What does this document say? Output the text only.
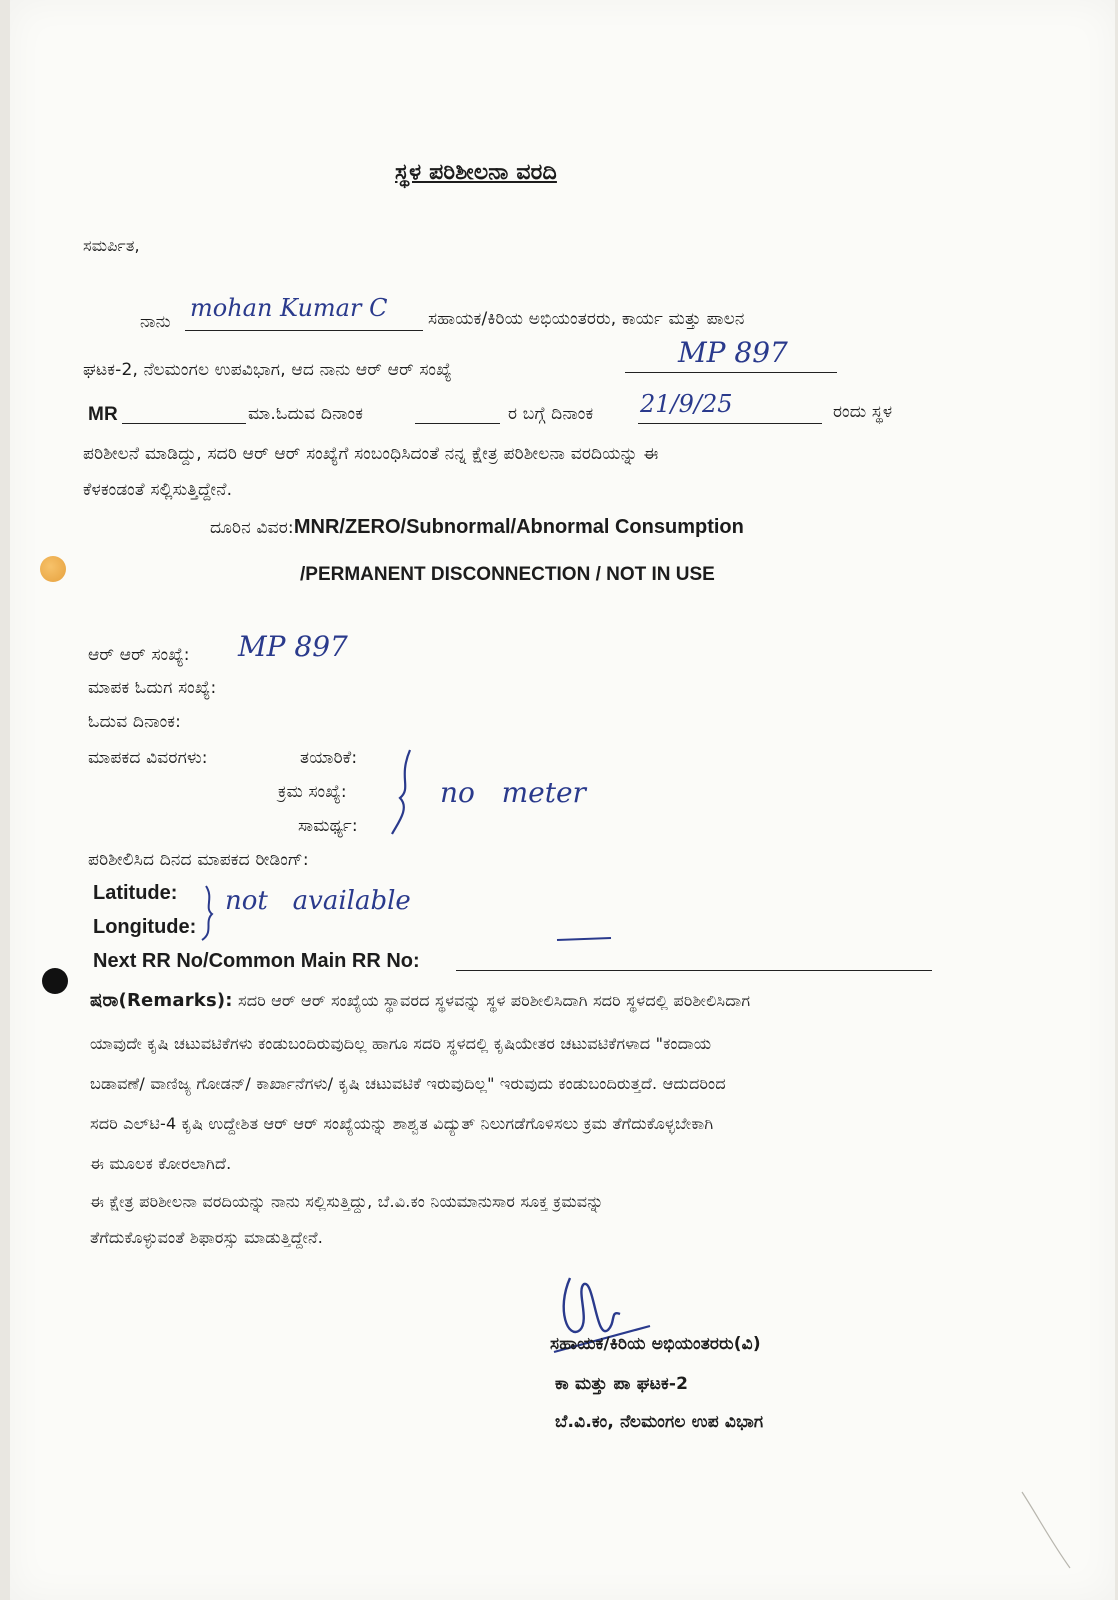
ಸ್ಥಳ ಪರಿಶೀಲನಾ ವರದಿ
ಸಮರ್ಪಿತ,
ನಾನು mohan Kumar C ಸಹಾಯಕ/ಕಿರಿಯ ಅಭಿಯಂತರರು, ಕಾರ್ಯ ಮತ್ತು ಪಾಲನ
ಘಟಕ-2, ನೆಲಮಂಗಲ ಉಪವಿಭಾಗ, ಆದ ನಾನು ಆರ್ ಆರ್ ಸಂಖ್ಯೆ
MP 897
MR	ಮಾ.ಓದುವ ದಿನಾಂಕ	ರ ಬಗ್ಗೆ ದಿನಾಂಕ 21/9/25	ರಂದು ಸ್ಥಳ
ಪರಿಶೀಲನೆ ಮಾಡಿದ್ದು, ಸದರಿ ಆರ್ ಆರ್ ಸಂಖ್ಯೆಗೆ ಸಂಬಂಧಿಸಿದಂತೆ ನನ್ನ ಕ್ಷೇತ್ರ ಪರಿಶೀಲನಾ ವರದಿಯನ್ನು ಈ
ಕೆಳಕಂಡಂತೆ ಸಲ್ಲಿಸುತ್ತಿದ್ದೇನೆ.
ದೂರಿನ ವಿವರ:MNR/ZERO/Subnormal/Abnormal Consumption
/PERMANENT DISCONNECTION / NOT IN USE
ಆರ್ ಆರ್ ಸಂಖ್ಯೆ: MP 897
ಮಾಪಕ ಓದುಗ ಸಂಖ್ಯೆ:
ಓದುವ ದಿನಾಂಕ:
ಮಾಪಕದ ವಿವರಗಳು:	ತಯಾರಿಕೆ:
ಕ್ರಮ ಸಂಖ್ಯೆ:
ಸಾಮರ್ಥ್ಯ:
no   meter
ಪರಿಶೀಲಿಸಿದ ದಿನದ ಮಾಪಕದ ರೀಡಿಂಗ್:
Latitude:
Longitude:
not   available
Next RR No/Common Main RR No:
ಷರಾ(Remarks): ಸದರಿ ಆರ್ ಆರ್ ಸಂಖ್ಯೆಯ ಸ್ಥಾವರದ ಸ್ಥಳವನ್ನು ಸ್ಥಳ ಪರಿಶೀಲಿಸಿದಾಗಿ ಸದರಿ ಸ್ಥಳದಲ್ಲಿ ಪರಿಶೀಲಿಸಿದಾಗ
ಯಾವುದೇ ಕೃಷಿ ಚಟುವಟಿಕೆಗಳು ಕಂಡುಬಂದಿರುವುದಿಲ್ಲ ಹಾಗೂ ಸದರಿ ಸ್ಥಳದಲ್ಲಿ ಕೃಷಿಯೇತರ ಚಟುವಟಿಕೆಗಳಾದ "ಕಂದಾಯ
ಬಡಾವಣೆ/ ವಾಣಿಜ್ಯ ಗೋಡನ್/ ಕಾರ್ಖಾನೆಗಳು/ ಕೃಷಿ ಚಟುವಟಿಕೆ ಇರುವುದಿಲ್ಲ" ಇರುವುದು ಕಂಡುಬಂದಿರುತ್ತದೆ. ಆದುದರಿಂದ
ಸದರಿ ಎಲ್‌ಟಿ-4 ಕೃಷಿ ಉದ್ದೇಶಿತ ಆರ್ ಆರ್ ಸಂಖ್ಯೆಯನ್ನು ಶಾಶ್ವತ ವಿದ್ಯುತ್ ನಿಲುಗಡೆಗೊಳಿಸಲು ಕ್ರಮ ತೆಗೆದುಕೊಳ್ಳಬೇಕಾಗಿ
ಈ ಮೂಲಕ ಕೋರಲಾಗಿದೆ.
ಈ ಕ್ಷೇತ್ರ ಪರಿಶೀಲನಾ ವರದಿಯನ್ನು ನಾನು ಸಲ್ಲಿಸುತ್ತಿದ್ದು, ಬೆ.ವಿ.ಕಂ ನಿಯಮಾನುಸಾರ ಸೂಕ್ತ ಕ್ರಮವನ್ನು
ತೆಗೆದುಕೊಳ್ಳುವಂತೆ ಶಿಫಾರಸ್ಸು ಮಾಡುತ್ತಿದ್ದೇನೆ.
ಸಹಾಯಕ/ಕಿರಿಯ ಅಭಿಯಂತರರು(ವಿ)
ಕಾ ಮತ್ತು ಪಾ ಘಟಕ-2
ಬೆ.ವಿ.ಕಂ, ನೆಲಮಂಗಲ ಉಪ ವಿಭಾಗ
